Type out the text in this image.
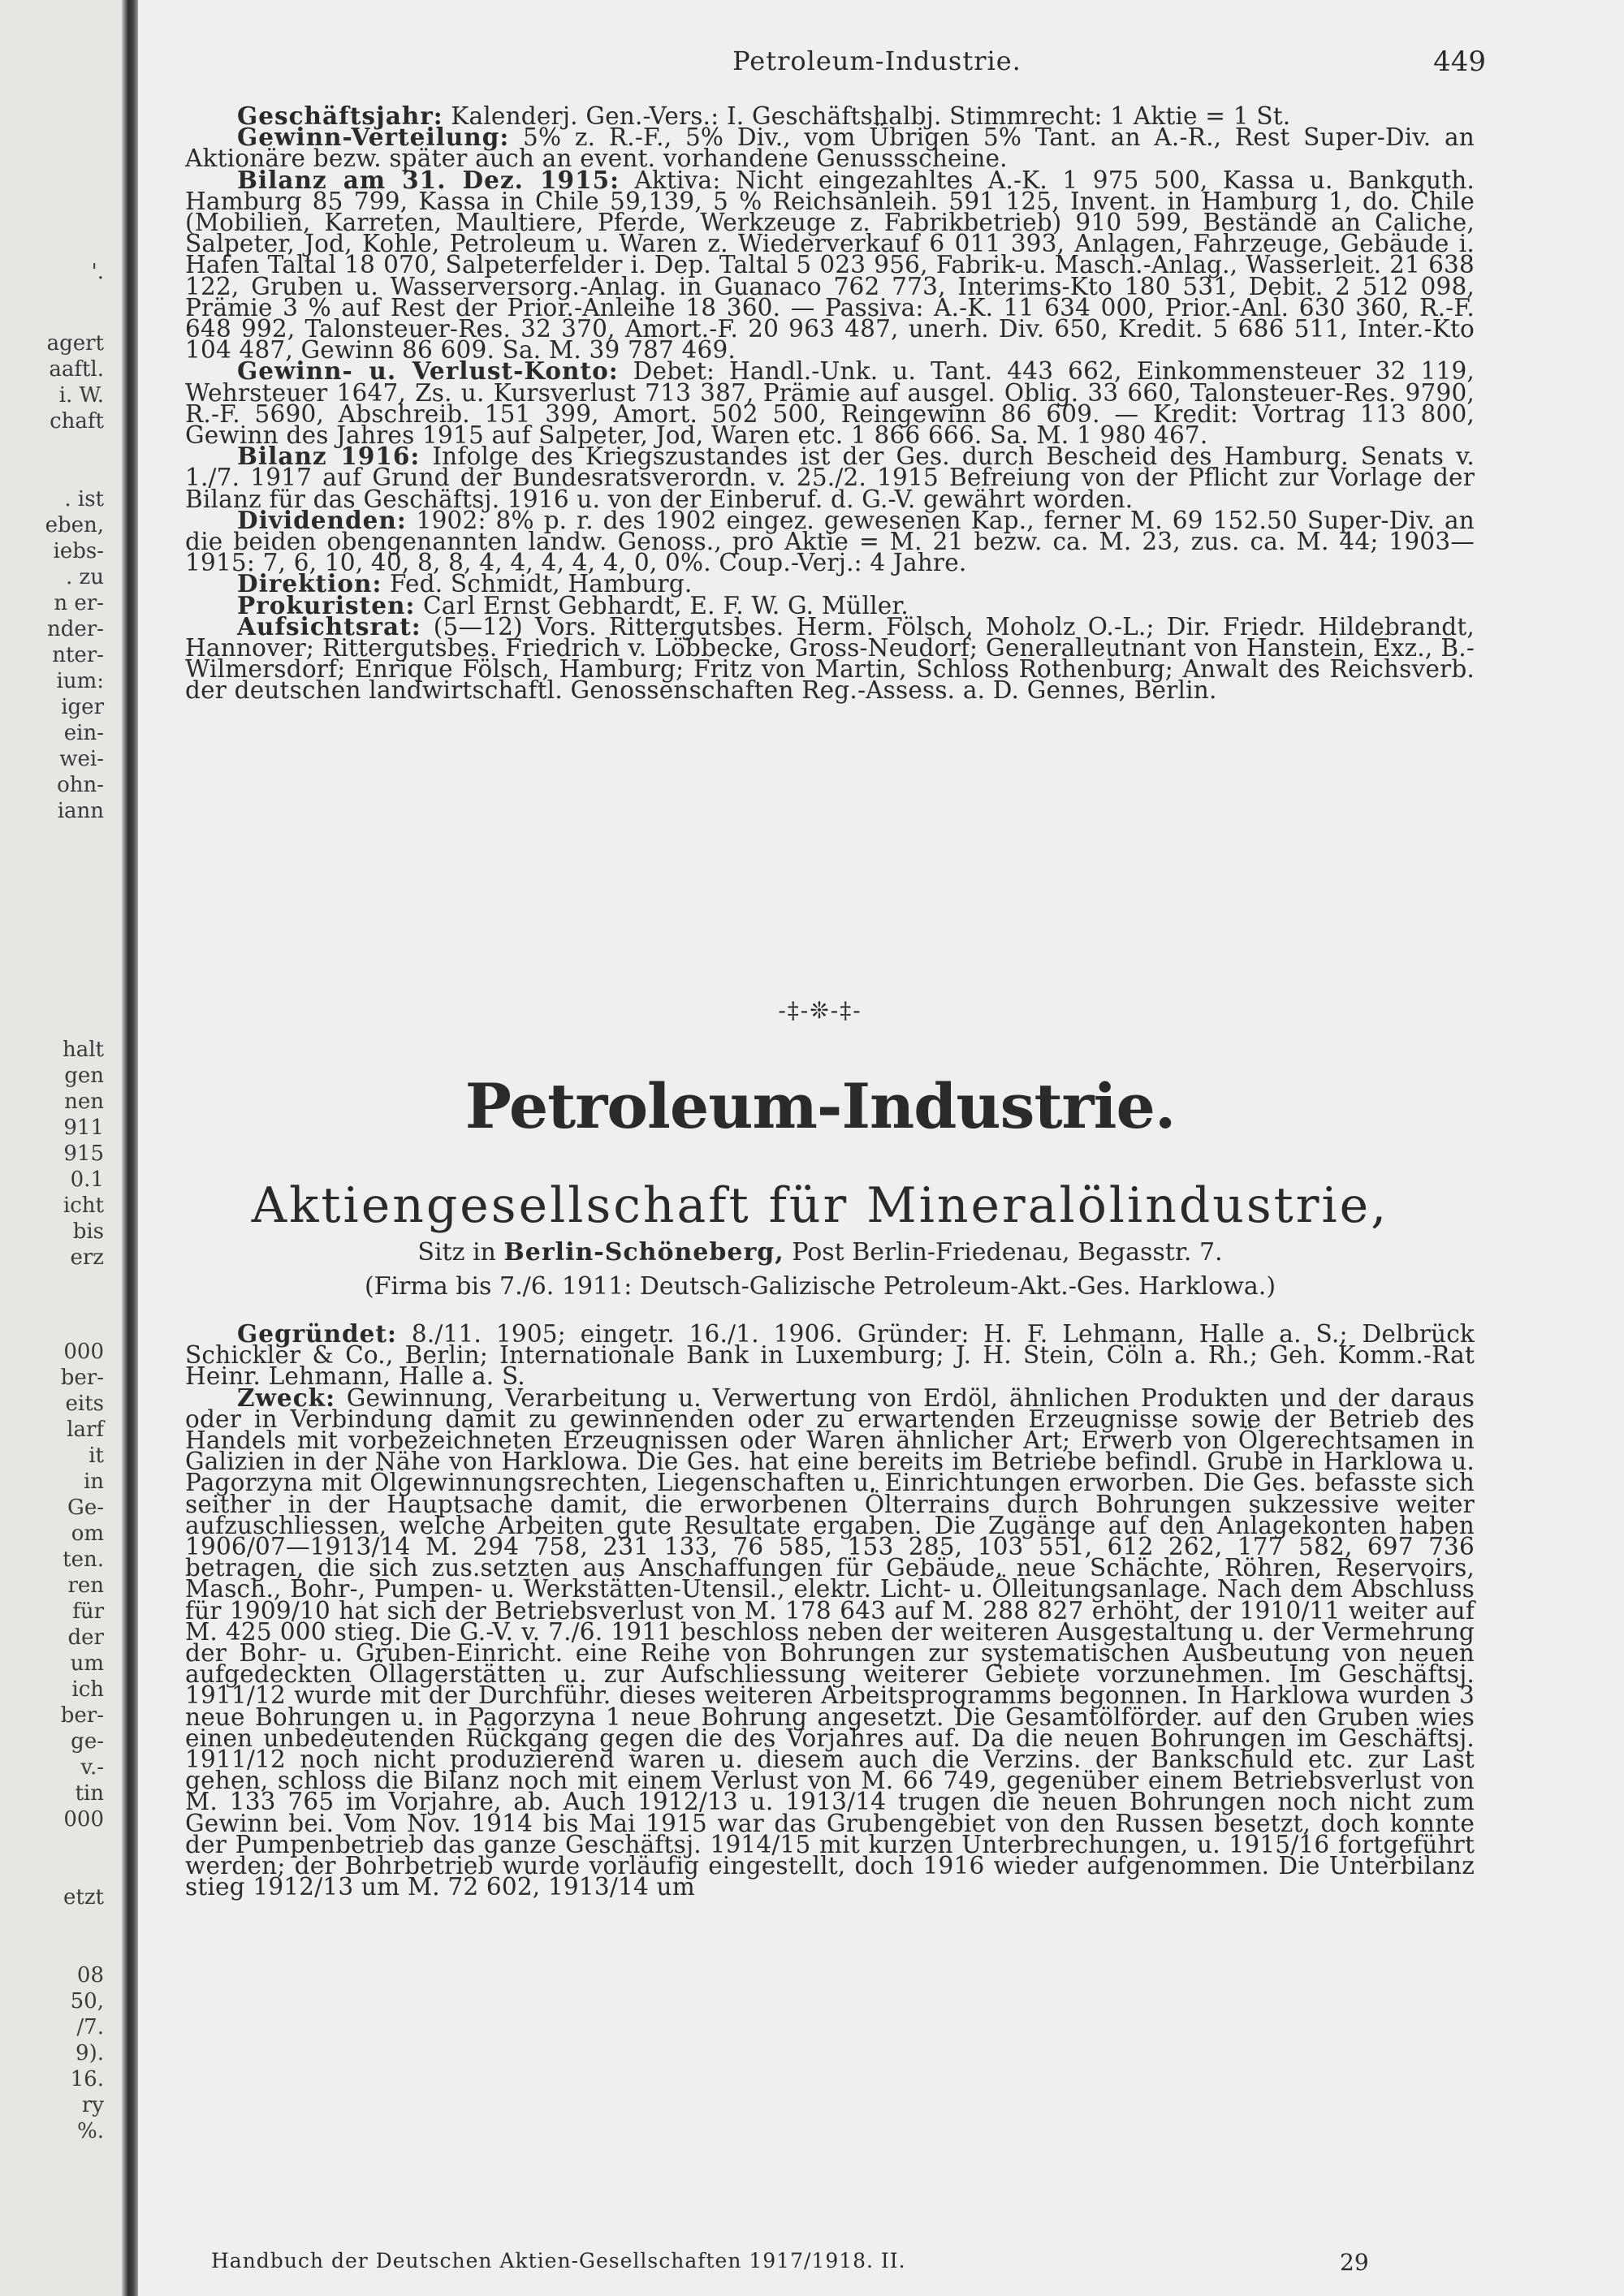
'.
agert
aaftl.
i. W.
chaft
. ist
eben,
iebs-
. zu
n er-
nder-
nter-
ium:
iger
ein-
wei-
ohn-
iann
halt
gen
nen
911
915
0.1
icht
bis
erz
000
ber-
eits
larf
it
in
Ge-
om
ten.
ren
für
der
um
ich
ber-
ge-
v.-
tin
000
etzt
08
50,
/7.
9).
16.
ry
%.
Petroleum-Industrie.	449

Geschäftsjahr: Kalenderj. Gen.-Vers.: I. Geschäftshalbj. Stimmrecht: 1 Aktie = 1 St.

Gewinn-Verteilung: 5% z. R.-F., 5% Div., vom Übrigen 5% Tant. an A.-R., Rest Super-Div. an Aktionäre bezw. später auch an event. vorhandene Genussscheine.

Bilanz am 31. Dez. 1915: Aktiva: Nicht eingezahltes A.-K. 1 975 500, Kassa u. Bankguth. Hamburg 85 799, Kassa in Chile 59,139, 5 % Reichsanleih. 591 125, Invent. in Hamburg 1, do. Chile (Mobilien, Karreten, Maultiere, Pferde, Werkzeuge z. Fabrikbetrieb) 910 599, Bestände an Caliche, Salpeter, Jod, Kohle, Petroleum u. Waren z. Wiederverkauf 6 011 393, Anlagen, Fahrzeuge, Gebäude i. Hafen Taltal 18 070, Salpeterfelder i. Dep. Taltal 5 023 956, Fabrik-u. Masch.-Anlag., Wasserleit. 21 638 122, Gruben u. Wasserversorg.-Anlag. in Guanaco 762 773, Interims-Kto 180 531, Debit. 2 512 098, Prämie 3 % auf Rest der Prior.-Anleihe 18 360. — Passiva: A.-K. 11 634 000, Prior.-Anl. 630 360, R.-F. 648 992, Talonsteuer-Res. 32 370, Amort.-F. 20 963 487, unerh. Div. 650, Kredit. 5 686 511, Inter.-Kto 104 487, Gewinn 86 609. Sa. M. 39 787 469.

Gewinn- u. Verlust-Konto: Debet: Handl.-Unk. u. Tant. 443 662, Einkommensteuer 32 119, Wehrsteuer 1647, Zs. u. Kursverlust 713 387, Prämie auf ausgel. Oblig. 33 660, Talonsteuer-Res. 9790, R.-F. 5690, Abschreib. 151 399, Amort. 502 500, Reingewinn 86 609. — Kredit: Vortrag 113 800, Gewinn des Jahres 1915 auf Salpeter, Jod, Waren etc. 1 866 666. Sa. M. 1 980 467.

Bilanz 1916: Infolge des Kriegszustandes ist der Ges. durch Bescheid des Hamburg. Senats v. 1./7. 1917 auf Grund der Bundesratsverordn. v. 25./2. 1915 Befreiung von der Pflicht zur Vorlage der Bilanz für das Geschäftsj. 1916 u. von der Einberuf. d. G.-V. gewährt worden.

Dividenden: 1902: 8% p. r. des 1902 eingez. gewesenen Kap., ferner M. 69 152.50 Super-Div. an die beiden obengenannten landw. Genoss., pro Aktie = M. 21 bezw. ca. M. 23, zus. ca. M. 44; 1903—1915: 7, 6, 10, 40, 8, 8, 4, 4, 4, 4, 4, 0, 0%. Coup.-Verj.: 4 Jahre.

Direktion: Fed. Schmidt, Hamburg.

Prokuristen: Carl Ernst Gebhardt, E. F. W. G. Müller.

Aufsichtsrat: (5—12) Vors. Rittergutsbes. Herm. Fölsch, Moholz O.-L.; Dir. Friedr. Hildebrandt, Hannover; Rittergutsbes. Friedrich v. Löbbecke, Gross-Neudorf; Generalleutnant von Hanstein, Exz., B.-Wilmersdorf; Enrique Fölsch, Hamburg; Fritz von Martin, Schloss Rothenburg; Anwalt des Reichsverb. der deutschen landwirtschaftl. Genossenschaften Reg.-Assess. a. D. Gennes, Berlin.

-‡-❊-‡-
Petroleum-Industrie.
Aktiengesellschaft für Mineralölindustrie,
Sitz in Berlin-Schöneberg, Post Berlin-Friedenau, Begasstr. 7.
(Firma bis 7./6. 1911: Deutsch-Galizische Petroleum-Akt.-Ges. Harklowa.)

Gegründet: 8./11. 1905; eingetr. 16./1. 1906. Gründer: H. F. Lehmann, Halle a. S.; Delbrück Schickler & Co., Berlin; Internationale Bank in Luxemburg; J. H. Stein, Cöln a. Rh.; Geh. Komm.-Rat Heinr. Lehmann, Halle a. S.

Zweck: Gewinnung, Verarbeitung u. Verwertung von Erdöl, ähnlichen Produkten und der daraus oder in Verbindung damit zu gewinnenden oder zu erwartenden Erzeugnisse sowie der Betrieb des Handels mit vorbezeichneten Erzeugnissen oder Waren ähnlicher Art; Erwerb von Ölgerechtsamen in Galizien in der Nähe von Harklowa. Die Ges. hat eine bereits im Betriebe befindl. Grube in Harklowa u. Pagorzyna mit Ölgewinnungsrechten, Liegenschaften u. Einrichtungen erworben. Die Ges. befasste sich seither in der Hauptsache damit, die erworbenen Ölterrains durch Bohrungen sukzessive weiter aufzuschliessen, welche Arbeiten gute Resultate ergaben. Die Zugänge auf den Anlagekonten haben 1906/07—1913/14 M. 294 758, 231 133, 76 585, 153 285, 103 551, 612 262, 177 582, 697 736 betragen, die sich zus.setzten aus Anschaffungen für Gebäude, neue Schächte, Röhren, Reservoirs, Masch., Bohr-, Pumpen- u. Werkstätten-Utensil., elektr. Licht- u. Ölleitungsanlage. Nach dem Abschluss für 1909/10 hat sich der Betriebsverlust von M. 178 643 auf M. 288 827 erhöht, der 1910/11 weiter auf M. 425 000 stieg. Die G.-V. v. 7./6. 1911 beschloss neben der weiteren Ausgestaltung u. der Vermehrung der Bohr- u. Gruben-Einricht. eine Reihe von Bohrungen zur systematischen Ausbeutung von neuen aufgedeckten Öllagerstätten u. zur Aufschliessung weiterer Gebiete vorzunehmen. Im Geschäftsj. 1911/12 wurde mit der Durchführ. dieses weiteren Arbeitsprogramms begonnen. In Harklowa wurden 3 neue Bohrungen u. in Pagorzyna 1 neue Bohrung angesetzt. Die Gesamtölförder. auf den Gruben wies einen unbedeutenden Rückgang gegen die des Vorjahres auf. Da die neuen Bohrungen im Geschäftsj. 1911/12 noch nicht produzierend waren u. diesem auch die Verzins. der Bankschuld etc. zur Last gehen, schloss die Bilanz noch mit einem Verlust von M. 66 749, gegenüber einem Betriebsverlust von M. 133 765 im Vorjahre, ab. Auch 1912/13 u. 1913/14 trugen die neuen Bohrungen noch nicht zum Gewinn bei. Vom Nov. 1914 bis Mai 1915 war das Grubengebiet von den Russen besetzt, doch konnte der Pumpenbetrieb das ganze Geschäftsj. 1914/15 mit kurzen Unterbrechungen, u. 1915/16 fortgeführt werden; der Bohrbetrieb wurde vorläufig eingestellt, doch 1916 wieder aufgenommen. Die Unterbilanz stieg 1912/13 um M. 72 602, 1913/14 um

Handbuch der Deutschen Aktien-Gesellschaften 1917/1918. II.	29
